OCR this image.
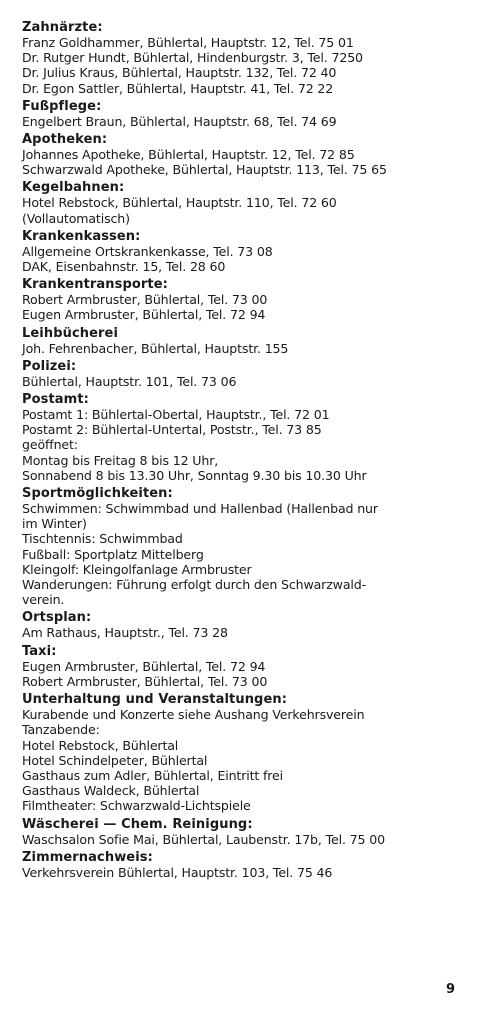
Zahnärzte:
Franz Goldhammer, Bühlertal, Hauptstr. 12, Tel. 75 01
Dr. Rutger Hundt, Bühlertal, Hindenburgstr. 3, Tel. 7250
Dr. Julius Kraus, Bühlertal, Hauptstr. 132, Tel. 72 40
Dr. Egon Sattler, Bühlertal, Hauptstr. 41, Tel. 72 22
Fußpflege:
Engelbert Braun, Bühlertal, Hauptstr. 68, Tel. 74 69
Apotheken:
Johannes Apotheke, Bühlertal, Hauptstr. 12, Tel. 72 85
Schwarzwald Apotheke, Bühlertal, Hauptstr. 113, Tel. 75 65
Kegelbahnen:
Hotel Rebstock, Bühlertal, Hauptstr. 110, Tel. 72 60
(Vollautomatisch)
Krankenkassen:
Allgemeine Ortskrankenkasse, Tel. 73 08
DAK, Eisenbahnstr. 15, Tel. 28 60
Krankentransporte:
Robert Armbruster, Bühlertal, Tel. 73 00
Eugen Armbruster, Bühlertal, Tel. 72 94
Leihbücherei
Joh. Fehrenbacher, Bühlertal, Hauptstr. 155
Polizei:
Bühlertal, Hauptstr. 101, Tel. 73 06
Postamt:
Postamt 1: Bühlertal-Obertal, Hauptstr., Tel. 72 01
Postamt 2: Bühlertal-Untertal, Poststr., Tel. 73 85
geöffnet:
Montag bis Freitag 8 bis 12 Uhr,
Sonnabend 8 bis 13.30 Uhr, Sonntag 9.30 bis 10.30 Uhr
Sportmöglichkeiten:
Schwimmen: Schwimmbad und Hallenbad (Hallenbad nur
im Winter)
Tischtennis: Schwimmbad
Fußball: Sportplatz Mittelberg
Kleingolf: Kleingolfanlage Armbruster
Wanderungen: Führung erfolgt durch den Schwarzwald-
verein.
Ortsplan:
Am Rathaus, Hauptstr., Tel. 73 28
Taxi:
Eugen Armbruster, Bühlertal, Tel. 72 94
Robert Armbruster, Bühlertal, Tel. 73 00
Unterhaltung und Veranstaltungen:
Kurabende und Konzerte siehe Aushang Verkehrsverein
Tanzabende:
Hotel Rebstock, Bühlertal
Hotel Schindelpeter, Bühlertal
Gasthaus zum Adler, Bühlertal, Eintritt frei
Gasthaus Waldeck, Bühlertal
Filmtheater: Schwarzwald-Lichtspiele
Wäscherei — Chem. Reinigung:
Waschsalon Sofie Mai, Bühlertal, Laubenstr. 17b, Tel. 75 00
Zimmernachweis:
Verkehrsverein Bühlertal, Hauptstr. 103, Tel. 75 46
9
